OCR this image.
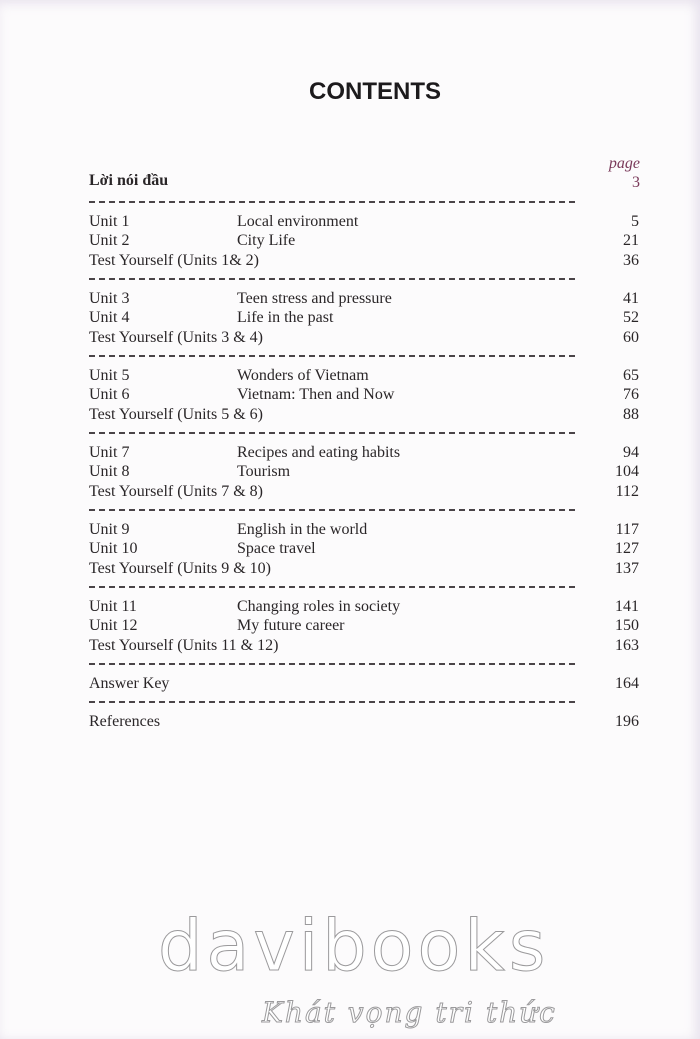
CONTENTS
page
Lời nói đầu	3
Unit 1	Local environment	5
Unit 2	City Life	21
Test Yourself (Units 1& 2)	36
Unit 3	Teen stress and pressure	41
Unit 4	Life in the past	52
Test Yourself (Units 3 & 4)	60
Unit 5	Wonders of Vietnam	65
Unit 6	Vietnam: Then and Now	76
Test Yourself (Units 5 & 6)	88
Unit 7	Recipes and eating habits	94
Unit 8	Tourism	104
Test Yourself (Units 7 & 8)	112
Unit 9	English in the world	117
Unit 10	Space travel	127
Test Yourself (Units 9 & 10)	137
Unit 11	Changing roles in society	141
Unit 12	My future career	150
Test Yourself (Units 11 & 12)	163
Answer Key	164
References	196
davibooks
Khát vọng tri thức
